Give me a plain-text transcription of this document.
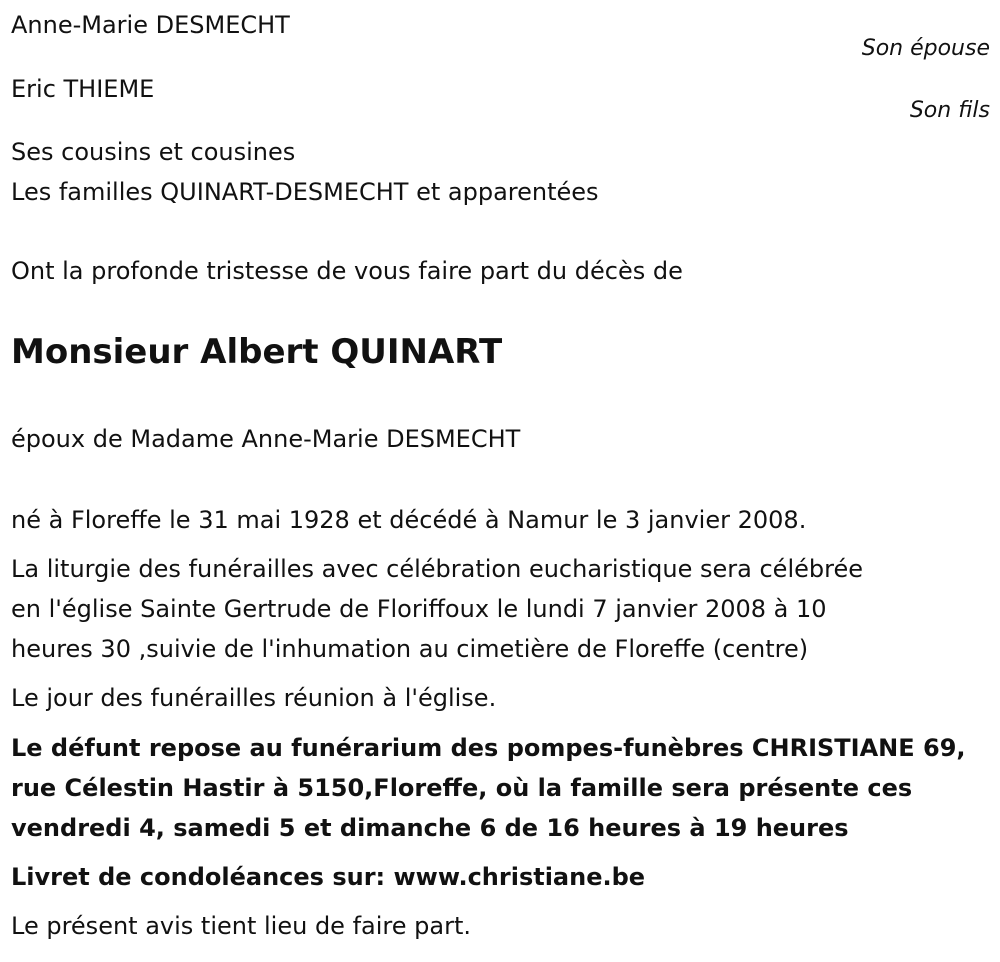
Anne-Marie DESMECHT
Son épouse
Eric THIEME
Son fils
Ses cousins et cousines
Les familles QUINART-DESMECHT et apparentées
Ont la profonde tristesse de vous faire part du décès de
Monsieur Albert QUINART
époux de Madame Anne-Marie DESMECHT
né à Floreffe le 31 mai 1928 et décédé à Namur le 3 janvier 2008.
La liturgie des funérailles avec célébration eucharistique sera célébrée
en l'église Sainte Gertrude de Floriffoux le lundi 7 janvier 2008 à 10
heures 30 ,suivie de l'inhumation au cimetière de Floreffe (centre)
Le jour des funérailles réunion à l'église.
Le défunt repose au funérarium des pompes-funèbres CHRISTIANE 69,
rue Célestin Hastir à 5150,Floreffe, où la famille sera présente ces
vendredi 4, samedi 5 et dimanche 6 de 16 heures à 19 heures
Livret de condoléances sur: www.christiane.be
Le présent avis tient lieu de faire part.
